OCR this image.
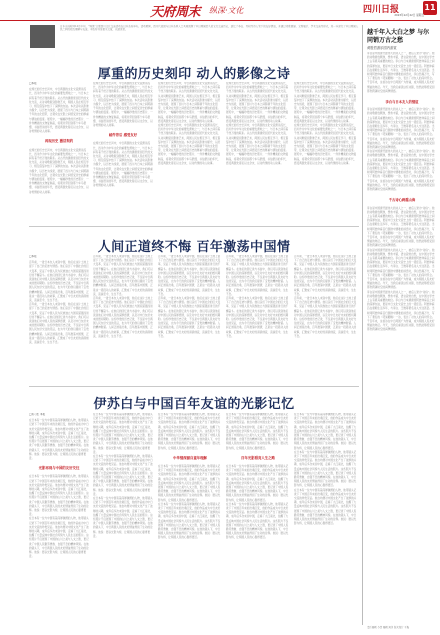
天府周末 纵深·文化	四川日报	11
2023年12月22日 星期五
日本当地时间12月中旬，“锦绣”主题四川文化交流活动在日本各地举办。活动期间，四川代表团与日本各界人士共同回顾了中日两国悠久的文化交流历史，追忆了李白、苏轼等诗人笔下的友好情谊，并通过诗歌朗诵、文物展示、学术交流等形式，进一步深化了中日两国人民之间的相互理解与友谊。本版特刊发相关文章，以飨读者。
厚重的历史刻印 动人的影像之诗
□本报
在绵长的历史长河中，中日两国的文化交流源远流长，四川作为中华文化的重要发源地之一，与日本之间有着千丝万缕的联系。从古代的遣唐使到近代的文化交流，从诗词歌赋到影像艺术，两国人民在相互学习、相互借鉴中结下了深厚的友谊。本次活动以影像为媒介，以历史为线索，展现了四川与日本之间跨越千年的文化纽带，让观众在光影之间感受历史的厚重与情谊的温度。展览中，一幅幅珍贵的历史照片、一件件精美的文物复制品，将观众带回到那个车马很慢、书信很远的年代，感受两国先辈们以文会友、以诗传情的动人故事。
再现历史 激活契约
在绵长的历史长河中，中日两国的文化交流源远流长，四川作为中华文化的重要发源地之一，与日本之间有着千丝万缕的联系。从古代的遣唐使到近代的文化交流，从诗词歌赋到影像艺术，两国人民在相互学习、相互借鉴中结下了深厚的友谊。本次活动以影像为媒介，以历史为线索，展现了四川与日本之间跨越千年的文化纽带，让观众在光影之间感受历史的厚重与情谊的温度。展览中，一幅幅珍贵的历史照片、一件件精美的文物复制品，将观众带回到那个车马很慢、书信很远的年代，感受两国先辈们以文会友、以诗传情的动人故事。
在绵长的历史长河中，中日两国的文化交流源远流长，四川作为中华文化的重要发源地之一，与日本之间有着千丝万缕的联系。从古代的遣唐使到近代的文化交流，从诗词歌赋到影像艺术，两国人民在相互学习、相互借鉴中结下了深厚的友谊。本次活动以影像为媒介，以历史为线索，展现了四川与日本之间跨越千年的文化纽带，让观众在光影之间感受历史的厚重与情谊的温度。展览中，一幅幅珍贵的历史照片、一件件精美的文物复制品，将观众带回到那个车马很慢、书信很远的年代，感受两国先辈们以文会友、以诗传情的动人故事。
邮件背后 感受友好
在绵长的历史长河中，中日两国的文化交流源远流长，四川作为中华文化的重要发源地之一，与日本之间有着千丝万缕的联系。从古代的遣唐使到近代的文化交流，从诗词歌赋到影像艺术，两国人民在相互学习、相互借鉴中结下了深厚的友谊。本次活动以影像为媒介，以历史为线索，展现了四川与日本之间跨越千年的文化纽带，让观众在光影之间感受历史的厚重与情谊的温度。展览中，一幅幅珍贵的历史照片、一件件精美的文物复制品，将观众带回到那个车马很慢、书信很远的年代，感受两国先辈们以文会友、以诗传情的动人故事。
在绵长的历史长河中，中日两国的文化交流源远流长，四川作为中华文化的重要发源地之一，与日本之间有着千丝万缕的联系。从古代的遣唐使到近代的文化交流，从诗词歌赋到影像艺术，两国人民在相互学习、相互借鉴中结下了深厚的友谊。本次活动以影像为媒介，以历史为线索，展现了四川与日本之间跨越千年的文化纽带，让观众在光影之间感受历史的厚重与情谊的温度。展览中，一幅幅珍贵的历史照片、一件件精美的文物复制品，将观众带回到那个车马很慢、书信很远的年代，感受两国先辈们以文会友、以诗传情的动人故事。
在绵长的历史长河中，中日两国的文化交流源远流长，四川作为中华文化的重要发源地之一，与日本之间有着千丝万缕的联系。从古代的遣唐使到近代的文化交流，从诗词歌赋到影像艺术，两国人民在相互学习、相互借鉴中结下了深厚的友谊。本次活动以影像为媒介，以历史为线索，展现了四川与日本之间跨越千年的文化纽带，让观众在光影之间感受历史的厚重与情谊的温度。展览中，一幅幅珍贵的历史照片、一件件精美的文物复制品，将观众带回到那个车马很慢、书信很远的年代，感受两国先辈们以文会友、以诗传情的动人故事。
在绵长的历史长河中，中日两国的文化交流源远流长，四川作为中华文化的重要发源地之一，与日本之间有着千丝万缕的联系。从古代的遣唐使到近代的文化交流，从诗词歌赋到影像艺术，两国人民在相互学习、相互借鉴中结下了深厚的友谊。本次活动以影像为媒介，以历史为线索，展现了四川与日本之间跨越千年的文化纽带，让观众在光影之间感受历史的厚重与情谊的温度。展览中，一幅幅珍贵的历史照片、一件件精美的文物复制品，将观众带回到那个车马很慢、书信很远的年代，感受两国先辈们以文会友、以诗传情的动人故事。
在绵长的历史长河中，中日两国的文化交流源远流长，四川作为中华文化的重要发源地之一，与日本之间有着千丝万缕的联系。从古代的遣唐使到近代的文化交流，从诗词歌赋到影像艺术，两国人民在相互学习、相互借鉴中结下了深厚的友谊。本次活动以影像为媒介，以历史为线索，展现了四川与日本之间跨越千年的文化纽带，让观众在光影之间感受历史的厚重与情谊的温度。展览中，一幅幅珍贵的历史照片、一件件精美的文物复制品，将观众带回到那个车马很慢、书信很远的年代，感受两国先辈们以文会友、以诗传情的动人故事。
在绵长的历史长河中，中日两国的文化交流源远流长，四川作为中华文化的重要发源地之一，与日本之间有着千丝万缕的联系。从古代的遣唐使到近代的文化交流，从诗词歌赋到影像艺术，两国人民在相互学习、相互借鉴中结下了深厚的友谊。本次活动以影像为媒介，以历史为线索，展现了四川与日本之间跨越千年的文化纽带，让观众在光影之间感受历史的厚重与情谊的温度。展览中，一幅幅珍贵的历史照片、一件件精美的文物复制品，将观众带回到那个车马很慢、书信很远的年代，感受两国先辈们以文会友、以诗传情的动人故事。
在绵长的历史长河中，中日两国的文化交流源远流长，四川作为中华文化的重要发源地之一，与日本之间有着千丝万缕的联系。从古代的遣唐使到近代的文化交流，从诗词歌赋到影像艺术，两国人民在相互学习、相互借鉴中结下了深厚的友谊。本次活动以影像为媒介，以历史为线索，展现了四川与日本之间跨越千年的文化纽带，让观众在光影之间感受历史的厚重与情谊的温度。展览中，一幅幅珍贵的历史照片、一件件精美的文物复制品，将观众带回到那个车马很慢、书信很远的年代，感受两国先辈们以文会友、以诗传情的动人故事。
人间正道终不悔 百年激荡中国情
□本报
百年前，一批日本友人来到中国，他们在这片土地上留下了自己的足迹与情感。他们亲历了中国社会的巨大变革，见证了中国人民为民族独立与国家富强而进行的不懈奋斗。在他们的回忆录与书信中，我们可以读到他们对中国人民的深厚感情，以及对中日友好未来的殷切期盼。这些珍贵的历史记录，不仅是中日两国人民友好交往的见证，也为今天的我们提供了宝贵的精神财富。人间正道是沧桑，百年激荡中国情，正是这一段段动人的故事，汇聚成了中日友好的涓涓细流，流淌至今，生生不息。
百年前，一批日本友人来到中国，他们在这片土地上留下了自己的足迹与情感。他们亲历了中国社会的巨大变革，见证了中国人民为民族独立与国家富强而进行的不懈奋斗。在他们的回忆录与书信中，我们可以读到他们对中国人民的深厚感情，以及对中日友好未来的殷切期盼。这些珍贵的历史记录，不仅是中日两国人民友好交往的见证，也为今天的我们提供了宝贵的精神财富。人间正道是沧桑，百年激荡中国情，正是这一段段动人的故事，汇聚成了中日友好的涓涓细流，流淌至今，生生不息。
百年前，一批日本友人来到中国，他们在这片土地上留下了自己的足迹与情感。他们亲历了中国社会的巨大变革，见证了中国人民为民族独立与国家富强而进行的不懈奋斗。在他们的回忆录与书信中，我们可以读到他们对中国人民的深厚感情，以及对中日友好未来的殷切期盼。这些珍贵的历史记录，不仅是中日两国人民友好交往的见证，也为今天的我们提供了宝贵的精神财富。人间正道是沧桑，百年激荡中国情，正是这一段段动人的故事，汇聚成了中日友好的涓涓细流，流淌至今，生生不息。
百年前，一批日本友人来到中国，他们在这片土地上留下了自己的足迹与情感。他们亲历了中国社会的巨大变革，见证了中国人民为民族独立与国家富强而进行的不懈奋斗。在他们的回忆录与书信中，我们可以读到他们对中国人民的深厚感情，以及对中日友好未来的殷切期盼。这些珍贵的历史记录，不仅是中日两国人民友好交往的见证，也为今天的我们提供了宝贵的精神财富。人间正道是沧桑，百年激荡中国情，正是这一段段动人的故事，汇聚成了中日友好的涓涓细流，流淌至今，生生不息。
百年前，一批日本友人来到中国，他们在这片土地上留下了自己的足迹与情感。他们亲历了中国社会的巨大变革，见证了中国人民为民族独立与国家富强而进行的不懈奋斗。在他们的回忆录与书信中，我们可以读到他们对中国人民的深厚感情，以及对中日友好未来的殷切期盼。这些珍贵的历史记录，不仅是中日两国人民友好交往的见证，也为今天的我们提供了宝贵的精神财富。人间正道是沧桑，百年激荡中国情，正是这一段段动人的故事，汇聚成了中日友好的涓涓细流，流淌至今，生生不息。
百年前，一批日本友人来到中国，他们在这片土地上留下了自己的足迹与情感。他们亲历了中国社会的巨大变革，见证了中国人民为民族独立与国家富强而进行的不懈奋斗。在他们的回忆录与书信中，我们可以读到他们对中国人民的深厚感情，以及对中日友好未来的殷切期盼。这些珍贵的历史记录，不仅是中日两国人民友好交往的见证，也为今天的我们提供了宝贵的精神财富。人间正道是沧桑，百年激荡中国情，正是这一段段动人的故事，汇聚成了中日友好的涓涓细流，流淌至今，生生不息。
百年前，一批日本友人来到中国，他们在这片土地上留下了自己的足迹与情感。他们亲历了中国社会的巨大变革，见证了中国人民为民族独立与国家富强而进行的不懈奋斗。在他们的回忆录与书信中，我们可以读到他们对中国人民的深厚感情，以及对中日友好未来的殷切期盼。这些珍贵的历史记录，不仅是中日两国人民友好交往的见证，也为今天的我们提供了宝贵的精神财富。人间正道是沧桑，百年激荡中国情，正是这一段段动人的故事，汇聚成了中日友好的涓涓细流，流淌至今，生生不息。
百年前，一批日本友人来到中国，他们在这片土地上留下了自己的足迹与情感。他们亲历了中国社会的巨大变革，见证了中国人民为民族独立与国家富强而进行的不懈奋斗。在他们的回忆录与书信中，我们可以读到他们对中国人民的深厚感情，以及对中日友好未来的殷切期盼。这些珍贵的历史记录，不仅是中日两国人民友好交往的见证，也为今天的我们提供了宝贵的精神财富。人间正道是沧桑，百年激荡中国情，正是这一段段动人的故事，汇聚成了中日友好的涓涓细流，流淌至今，生生不息。
百年前，一批日本友人来到中国，他们在这片土地上留下了自己的足迹与情感。他们亲历了中国社会的巨大变革，见证了中国人民为民族独立与国家富强而进行的不懈奋斗。在他们的回忆录与书信中，我们可以读到他们对中国人民的深厚感情，以及对中日友好未来的殷切期盼。这些珍贵的历史记录，不仅是中日两国人民友好交往的见证，也为今天的我们提供了宝贵的精神财富。人间正道是沧桑，百年激荡中国情，正是这一段段动人的故事，汇聚成了中日友好的涓涓细流，流淌至今，生生不息。
百年前，一批日本友人来到中国，他们在这片土地上留下了自己的足迹与情感。他们亲历了中国社会的巨大变革，见证了中国人民为民族独立与国家富强而进行的不懈奋斗。在他们的回忆录与书信中，我们可以读到他们对中国人民的深厚感情，以及对中日友好未来的殷切期盼。这些珍贵的历史记录，不仅是中日两国人民友好交往的见证，也为今天的我们提供了宝贵的精神财富。人间正道是沧桑，百年激荡中国情，正是这一段段动人的故事，汇聚成了中日友好的涓涓细流，流淌至今，生生不息。
伊苏白与中国百年友谊的光影记忆
□实习生 本报
在日本有一位与中国有着深厚渊源的人物，他用镜头记录下了中国百年来的沧桑巨变，他的作品成为中日友好交流的珍贵见证。他自幼便对中国文化产生了浓厚的兴趣，成年后多次来到中国，走遍了大江南北，拍摄了大量反映中国社会风貌与人民生活的照片。这些照片不仅展现了中国的山川之美与人文之胜，更记录了中国人民勤劳勇敢、自强不息的精神风貌。在他的镜头下，中日两国人民的友好情谊得到了生动的诠释。他说：愿以光影为桥，让两国人民的心靠得更近。
光影再现与中国的友好交往
在日本有一位与中国有着深厚渊源的人物，他用镜头记录下了中国百年来的沧桑巨变，他的作品成为中日友好交流的珍贵见证。他自幼便对中国文化产生了浓厚的兴趣，成年后多次来到中国，走遍了大江南北，拍摄了大量反映中国社会风貌与人民生活的照片。这些照片不仅展现了中国的山川之美与人文之胜，更记录了中国人民勤劳勇敢、自强不息的精神风貌。在他的镜头下，中日两国人民的友好情谊得到了生动的诠释。他说：愿以光影为桥，让两国人民的心靠得更近。
在日本有一位与中国有着深厚渊源的人物，他用镜头记录下了中国百年来的沧桑巨变，他的作品成为中日友好交流的珍贵见证。他自幼便对中国文化产生了浓厚的兴趣，成年后多次来到中国，走遍了大江南北，拍摄了大量反映中国社会风貌与人民生活的照片。这些照片不仅展现了中国的山川之美与人文之胜，更记录了中国人民勤劳勇敢、自强不息的精神风貌。在他的镜头下，中日两国人民的友好情谊得到了生动的诠释。他说：愿以光影为桥，让两国人民的心靠得更近。
在日本有一位与中国有着深厚渊源的人物，他用镜头记录下了中国百年来的沧桑巨变，他的作品成为中日友好交流的珍贵见证。他自幼便对中国文化产生了浓厚的兴趣，成年后多次来到中国，走遍了大江南北，拍摄了大量反映中国社会风貌与人民生活的照片。这些照片不仅展现了中国的山川之美与人文之胜，更记录了中国人民勤劳勇敢、自强不息的精神风貌。在他的镜头下，中日两国人民的友好情谊得到了生动的诠释。他说：愿以光影为桥，让两国人民的心靠得更近。
在日本有一位与中国有着深厚渊源的人物，他用镜头记录下了中国百年来的沧桑巨变，他的作品成为中日友好交流的珍贵见证。他自幼便对中国文化产生了浓厚的兴趣，成年后多次来到中国，走遍了大江南北，拍摄了大量反映中国社会风貌与人民生活的照片。这些照片不仅展现了中国的山川之美与人文之胜，更记录了中国人民勤劳勇敢、自强不息的精神风貌。在他的镜头下，中日两国人民的友好情谊得到了生动的诠释。他说：愿以光影为桥，让两国人民的心靠得更近。
在日本有一位与中国有着深厚渊源的人物，他用镜头记录下了中国百年来的沧桑巨变，他的作品成为中日友好交流的珍贵见证。他自幼便对中国文化产生了浓厚的兴趣，成年后多次来到中国，走遍了大江南北，拍摄了大量反映中国社会风貌与人民生活的照片。这些照片不仅展现了中国的山川之美与人文之胜，更记录了中国人民勤劳勇敢、自强不息的精神风貌。在他的镜头下，中日两国人民的友好情谊得到了生动的诠释。他说：愿以光影为桥，让两国人民的心靠得更近。
在日本有一位与中国有着深厚渊源的人物，他用镜头记录下了中国百年来的沧桑巨变，他的作品成为中日友好交流的珍贵见证。他自幼便对中国文化产生了浓厚的兴趣，成年后多次来到中国，走遍了大江南北，拍摄了大量反映中国社会风貌与人民生活的照片。这些照片不仅展现了中国的山川之美与人文之胜，更记录了中国人民勤劳勇敢、自强不息的精神风貌。在他的镜头下，中日两国人民的友好情谊得到了生动的诠释。他说：愿以光影为桥，让两国人民的心靠得更近。
中华情深源自童年理解
在日本有一位与中国有着深厚渊源的人物，他用镜头记录下了中国百年来的沧桑巨变，他的作品成为中日友好交流的珍贵见证。他自幼便对中国文化产生了浓厚的兴趣，成年后多次来到中国，走遍了大江南北，拍摄了大量反映中国社会风貌与人民生活的照片。这些照片不仅展现了中国的山川之美与人文之胜，更记录了中国人民勤劳勇敢、自强不息的精神风貌。在他的镜头下，中日两国人民的友好情谊得到了生动的诠释。他说：愿以光影为桥，让两国人民的心靠得更近。
在日本有一位与中国有着深厚渊源的人物，他用镜头记录下了中国百年来的沧桑巨变，他的作品成为中日友好交流的珍贵见证。他自幼便对中国文化产生了浓厚的兴趣，成年后多次来到中国，走遍了大江南北，拍摄了大量反映中国社会风貌与人民生活的照片。这些照片不仅展现了中国的山川之美与人文之胜，更记录了中国人民勤劳勇敢、自强不息的精神风貌。在他的镜头下，中日两国人民的友好情谊得到了生动的诠释。他说：愿以光影为桥，让两国人民的心靠得更近。
在日本有一位与中国有着深厚渊源的人物，他用镜头记录下了中国百年来的沧桑巨变，他的作品成为中日友好交流的珍贵见证。他自幼便对中国文化产生了浓厚的兴趣，成年后多次来到中国，走遍了大江南北，拍摄了大量反映中国社会风貌与人民生活的照片。这些照片不仅展现了中国的山川之美与人文之胜，更记录了中国人民勤劳勇敢、自强不息的精神风貌。在他的镜头下，中日两国人民的友好情谊得到了生动的诠释。他说：愿以光影为桥，让两国人民的心靠得更近。
百年光影照亮人生之路
在日本有一位与中国有着深厚渊源的人物，他用镜头记录下了中国百年来的沧桑巨变，他的作品成为中日友好交流的珍贵见证。他自幼便对中国文化产生了浓厚的兴趣，成年后多次来到中国，走遍了大江南北，拍摄了大量反映中国社会风貌与人民生活的照片。这些照片不仅展现了中国的山川之美与人文之胜，更记录了中国人民勤劳勇敢、自强不息的精神风貌。在他的镜头下，中日两国人民的友好情谊得到了生动的诠释。他说：愿以光影为桥，让两国人民的心靠得更近。
在日本有一位与中国有着深厚渊源的人物，他用镜头记录下了中国百年来的沧桑巨变，他的作品成为中日友好交流的珍贵见证。他自幼便对中国文化产生了浓厚的兴趣，成年后多次来到中国，走遍了大江南北，拍摄了大量反映中国社会风貌与人民生活的照片。这些照片不仅展现了中国的山川之美与人文之胜，更记录了中国人民勤劳勇敢、自强不息的精神风貌。在他的镜头下，中日两国人民的友好情谊得到了生动的诠释。他说：愿以光影为桥，让两国人民的心靠得更近。
在日本有一位与中国有着深厚渊源的人物，他用镜头记录下了中国百年来的沧桑巨变，他的作品成为中日友好交流的珍贵见证。他自幼便对中国文化产生了浓厚的兴趣，成年后多次来到中国，走遍了大江南北，拍摄了大量反映中国社会风貌与人民生活的照片。这些照片不仅展现了中国的山川之美与人文之胜，更记录了中国人民勤劳勇敢、自强不息的精神风貌。在他的镜头下，中日两国人民的友好情谊得到了生动的诠释。他说：愿以光影为桥，让两国人民的心靠得更近。
在日本有一位与中国有着深厚渊源的人物，他用镜头记录下了中国百年来的沧桑巨变，他的作品成为中日友好交流的珍贵见证。他自幼便对中国文化产生了浓厚的兴趣，成年后多次来到中国，走遍了大江南北，拍摄了大量反映中国社会风貌与人民生活的照片。这些照片不仅展现了中国的山川之美与人文之胜，更记录了中国人民勤劳勇敢、自强不息的精神风貌。在他的镜头下，中日两国人民的友好情谊得到了生动的诠释。他说：愿以光影为桥，让两国人民的心靠得更近。
在日本有一位与中国有着深厚渊源的人物，他用镜头记录下了中国百年来的沧桑巨变，他的作品成为中日友好交流的珍贵见证。他自幼便对中国文化产生了浓厚的兴趣，成年后多次来到中国，走遍了大江南北，拍摄了大量反映中国社会风貌与人民生活的照片。这些照片不仅展现了中国的山川之美与人文之胜，更记录了中国人民勤劳勇敢、自强不息的精神风貌。在他的镜头下，中日两国人民的友好情谊得到了生动的诠释。他说：愿以光影为桥，让两国人民的心靠得更近。
越千年入大白之梦 与尔同销万古之愁
黄胜哲游乐园内游赏
李白是中国唐代最伟大的诗人之一，被后人誉为“诗仙”。他的诗歌豪放飘逸，想象丰富，语言流转自然，在中国文学史上占有极其重要的地位。李白与日本遣唐使阿倍仲麻吕之间的深厚友谊，更是中日文化交流史上的一段佳话。阿倍仲麻吕在唐朝生活多年，与李白、王维等著名诗人交往甚密。当听闻阿倍仲麻吕归国途中遇难的消息时，李白悲痛万分，写下了著名的《哭晁卿衡》一诗，表达了对友人的深切怀念。千百年来，这首诗在中日两国广为传诵，成为两国人民友好情谊的象征。今天，当我们重读这些诗篇，依然能够感受到那份跨越时空的真挚情感。
李白与日本友人的情谊
李白是中国唐代最伟大的诗人之一，被后人誉为“诗仙”。他的诗歌豪放飘逸，想象丰富，语言流转自然，在中国文学史上占有极其重要的地位。李白与日本遣唐使阿倍仲麻吕之间的深厚友谊，更是中日文化交流史上的一段佳话。阿倍仲麻吕在唐朝生活多年，与李白、王维等著名诗人交往甚密。当听闻阿倍仲麻吕归国途中遇难的消息时，李白悲痛万分，写下了著名的《哭晁卿衡》一诗，表达了对友人的深切怀念。千百年来，这首诗在中日两国广为传诵，成为两国人民友好情谊的象征。今天，当我们重读这些诗篇，依然能够感受到那份跨越时空的真挚情感。
李白是中国唐代最伟大的诗人之一，被后人誉为“诗仙”。他的诗歌豪放飘逸，想象丰富，语言流转自然，在中国文学史上占有极其重要的地位。李白与日本遣唐使阿倍仲麻吕之间的深厚友谊，更是中日文化交流史上的一段佳话。阿倍仲麻吕在唐朝生活多年，与李白、王维等著名诗人交往甚密。当听闻阿倍仲麻吕归国途中遇难的消息时，李白悲痛万分，写下了著名的《哭晁卿衡》一诗，表达了对友人的深切怀念。千百年来，这首诗在中日两国广为传诵，成为两国人民友好情谊的象征。今天，当我们重读这些诗篇，依然能够感受到那份跨越时空的真挚情感。
千古诗心跨越山海
李白是中国唐代最伟大的诗人之一，被后人誉为“诗仙”。他的诗歌豪放飘逸，想象丰富，语言流转自然，在中国文学史上占有极其重要的地位。李白与日本遣唐使阿倍仲麻吕之间的深厚友谊，更是中日文化交流史上的一段佳话。阿倍仲麻吕在唐朝生活多年，与李白、王维等著名诗人交往甚密。当听闻阿倍仲麻吕归国途中遇难的消息时，李白悲痛万分，写下了著名的《哭晁卿衡》一诗，表达了对友人的深切怀念。千百年来，这首诗在中日两国广为传诵，成为两国人民友好情谊的象征。今天，当我们重读这些诗篇，依然能够感受到那份跨越时空的真挚情感。
李白是中国唐代最伟大的诗人之一，被后人誉为“诗仙”。他的诗歌豪放飘逸，想象丰富，语言流转自然，在中国文学史上占有极其重要的地位。李白与日本遣唐使阿倍仲麻吕之间的深厚友谊，更是中日文化交流史上的一段佳话。阿倍仲麻吕在唐朝生活多年，与李白、王维等著名诗人交往甚密。当听闻阿倍仲麻吕归国途中遇难的消息时，李白悲痛万分，写下了著名的《哭晁卿衡》一诗，表达了对友人的深切怀念。千百年来，这首诗在中日两国广为传诵，成为两国人民友好情谊的象征。今天，当我们重读这些诗篇，依然能够感受到那份跨越时空的真挚情感。
李白是中国唐代最伟大的诗人之一，被后人誉为“诗仙”。他的诗歌豪放飘逸，想象丰富，语言流转自然，在中国文学史上占有极其重要的地位。李白与日本遣唐使阿倍仲麻吕之间的深厚友谊，更是中日文化交流史上的一段佳话。阿倍仲麻吕在唐朝生活多年，与李白、王维等著名诗人交往甚密。当听闻阿倍仲麻吕归国途中遇难的消息时，李白悲痛万分，写下了著名的《哭晁卿衡》一诗，表达了对友人的深切怀念。千百年来，这首诗在中日两国广为传诵，成为两国人民友好情谊的象征。今天，当我们重读这些诗篇，依然能够感受到那份跨越时空的真挚情感。
责任编辑 李慧 编辑 刘洋 版式设计 王梅
